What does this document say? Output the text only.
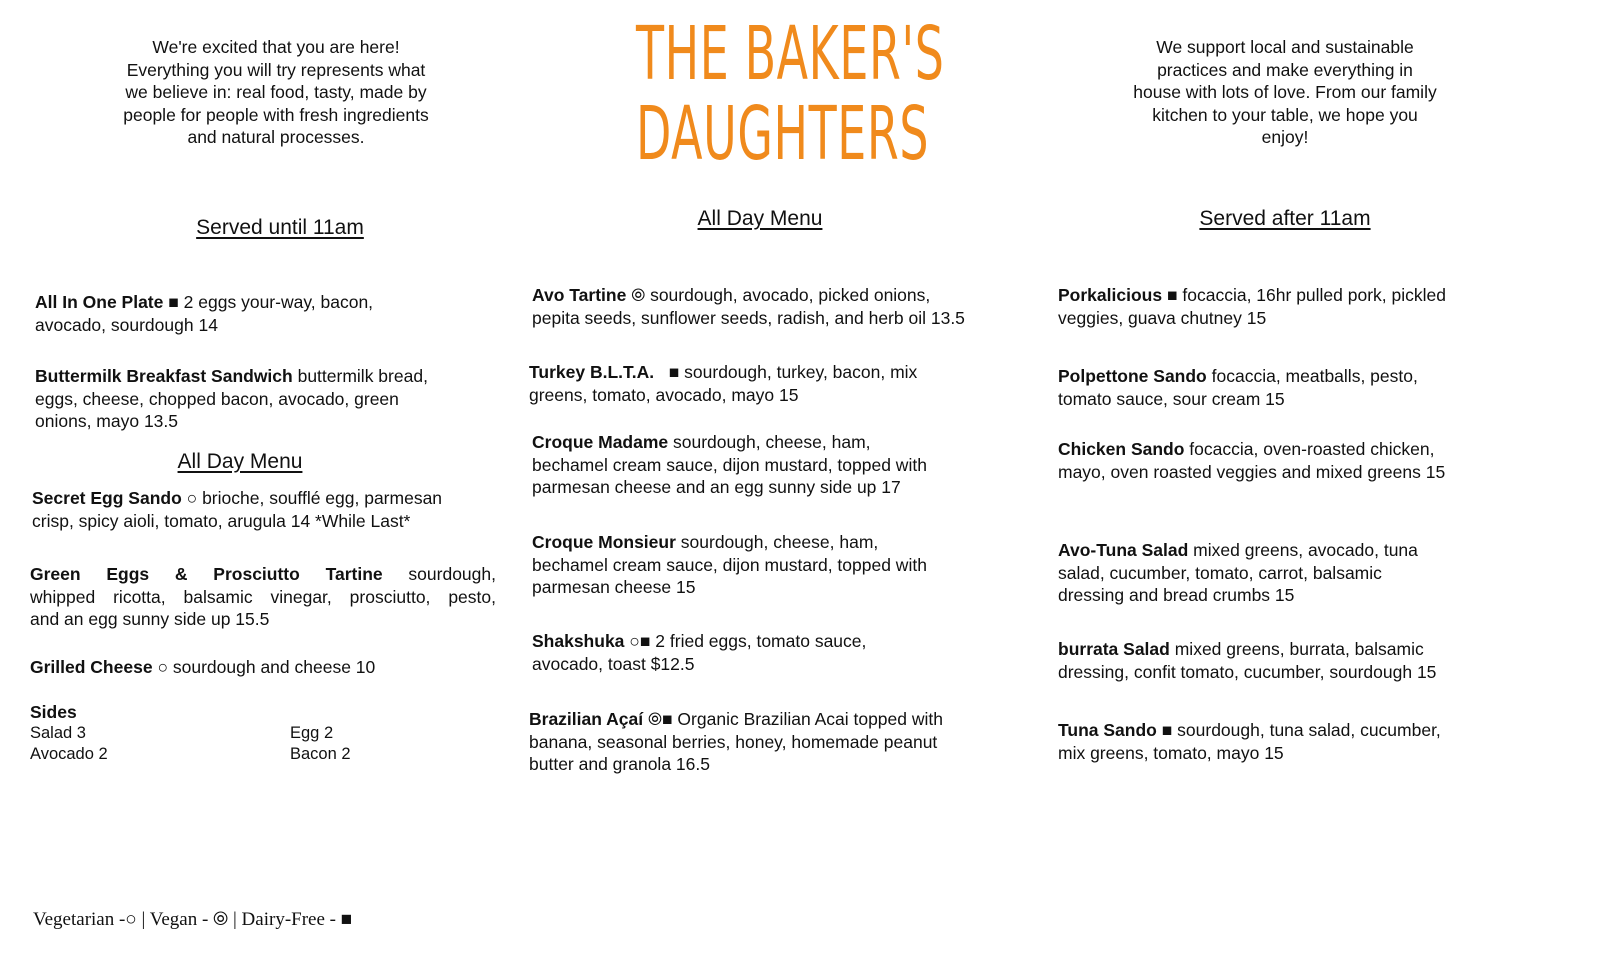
We're excited that you are here!
Everything you will try represents what
we believe in: real food, tasty, made by
people for people with fresh ingredients
and natural processes.
THE BAKER'S
DAUGHTERS
We support local and sustainable
practices and make everything in
house with lots of love. From our family
kitchen to your table, we hope you
enjoy!
Served until 11am	All Day Menu	Served after 11am
All Day Menu
All In One Plate ■ 2 eggs your-way, bacon,
avocado, sourdough 14
Buttermilk Breakfast Sandwich buttermilk bread,
eggs, cheese, chopped bacon, avocado, green
onions, mayo 13.5
Secret Egg Sando ○ brioche, soufflé egg, parmesan
crisp, spicy aioli, tomato, arugula 14 *While Last*
Green Eggs & Prosciutto Tartine sourdough,
whipped ricotta, balsamic vinegar, prosciutto, pesto,
and an egg sunny side up 15.5
Grilled Cheese ○ sourdough and cheese 10
Sides
Salad 3	Egg 2
Avocado 2	Bacon 2
Avo Tartine ⦾ sourdough, avocado, picked onions,
pepita seeds, sunflower seeds, radish, and herb oil 13.5
Turkey B.L.T.A. ■ sourdough, turkey, bacon, mix
greens, tomato, avocado, mayo 15
Croque Madame sourdough, cheese, ham,
bechamel cream sauce, dijon mustard, topped with
parmesan cheese and an egg sunny side up 17
Croque Monsieur sourdough, cheese, ham,
bechamel cream sauce, dijon mustard, topped with
parmesan cheese 15
Shakshuka ○■ 2 fried eggs, tomato sauce,
avocado, toast $12.5
Brazilian Açaí ⦾■ Organic Brazilian Acai topped with
banana, seasonal berries, honey, homemade peanut
butter and granola 16.5
Porkalicious ■ focaccia, 16hr pulled pork, pickled
veggies, guava chutney 15
Polpettone Sando focaccia, meatballs, pesto,
tomato sauce, sour cream 15
Chicken Sando focaccia, oven-roasted chicken,
mayo, oven roasted veggies and mixed greens 15
Avo-Tuna Salad mixed greens, avocado, tuna
salad, cucumber, tomato, carrot, balsamic
dressing and bread crumbs 15
burrata Salad mixed greens, burrata, balsamic
dressing, confit tomato, cucumber, sourdough 15
Tuna Sando ■ sourdough, tuna salad, cucumber,
mix greens, tomato, mayo 15
Vegetarian -○ | Vegan - ⦾ | Dairy-Free - ■
